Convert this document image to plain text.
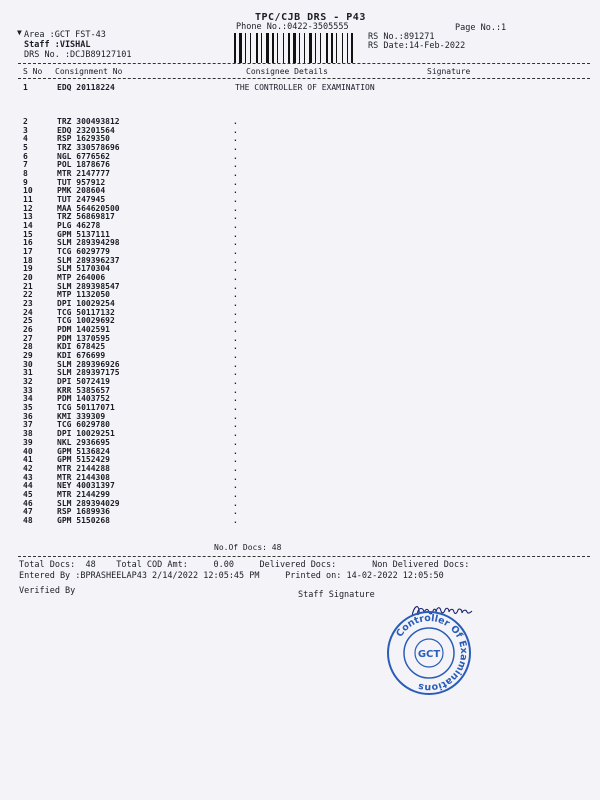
▼
TPC/CJB DRS - P43
Phone No.:0422-3505555	Page No.:1
Area :GCT FST-43
Staff :VISHAL
DRS No. :DCJB89127101
RS No.:891271
RS Date:14-Feb-2022
S No Consignment No	Consignee Details	Signature
1	EDQ 20118224	THE CONTROLLER OF EXAMINATION
2	TRZ 300493812	.
3	EDQ 23201564	.
4	RSP 1629350	.
5	TRZ 330578696	.
6	NGL 6776562	.
7	POL 1878676	.
8	MTR 2147777	.
9	TUT 957912	.
10	PMK 208604	.
11	TUT 247945	.
12	MAA 564620500	.
13	TRZ 56869817	.
14	PLG 46278	.
15	GPM 5137111	.
16	SLM 289394298	.
17	TCG 6029779	.
18	SLM 289396237	.
19	SLM 5170304	.
20	MTP 264006	.
21	SLM 289398547	.
22	MTP 1132050	.
23	DPI 10029254	.
24	TCG 50117132	.
25	TCG 10029692	.
26	PDM 1402591	.
27	PDM 1370595	.
28	KDI 678425	.
29	KDI 676699	.
30	SLM 289396926	.
31	SLM 289397175	.
32	DPI 5072419	.
33	KRR 5385657	.
34	PDM 1403752	.
35	TCG 50117071	.
36	KMI 339309	.
37	TCG 6029780	.
38	DPI 10029251	.
39	NKL 2936695	.
40	GPM 5136824	.
41	GPM 5152429	.
42	MTR 2144288	.
43	MTR 2144308	.
44	NEY 40031397	.
45	MTR 2144299	.
46	SLM 289394029	.
47	RSP 1689936	.
48	GPM 5150268	.
No.Of Docs: 48
Total Docs:  48    Total COD Amt:     0.00     Delivered Docs:       Non Delivered Docs:
Entered By :BPRASHEELAP43 2/14/2022 12:05:45 PM     Printed on: 14-02-2022 12:05:50
Verified By	Staff Signature
Controller Of Examinations
GCT
